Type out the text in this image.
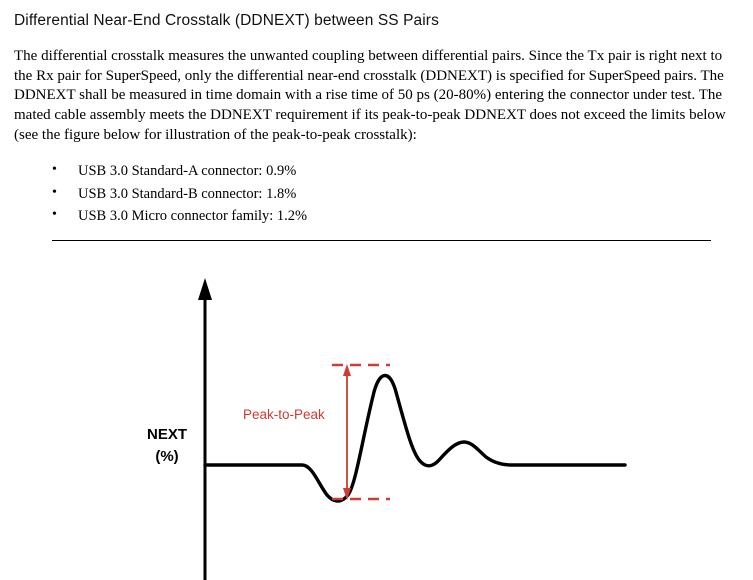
Differential Near-End Crosstalk (DDNEXT) between SS Pairs

The differential crosstalk measures the unwanted coupling between differential pairs. Since the Tx pair is right next to the Rx pair for SuperSpeed, only the differential near-end crosstalk (DDNEXT) is specified for SuperSpeed pairs. The DDNEXT shall be measured in time domain with a rise time of 50 ps (20-80%) entering the connector under test. The mated cable assembly meets the DDNEXT requirement if its peak-to-peak DDNEXT does not exceed the limits below (see the figure below for illustration of the peak-to-peak crosstalk):

• USB 3.0 Standard-A connector: 0.9%
• USB 3.0 Standard-B connector: 1.8%
• USB 3.0 Micro connector family: 1.2%
NEXT
(%)
Peak-to-Peak
